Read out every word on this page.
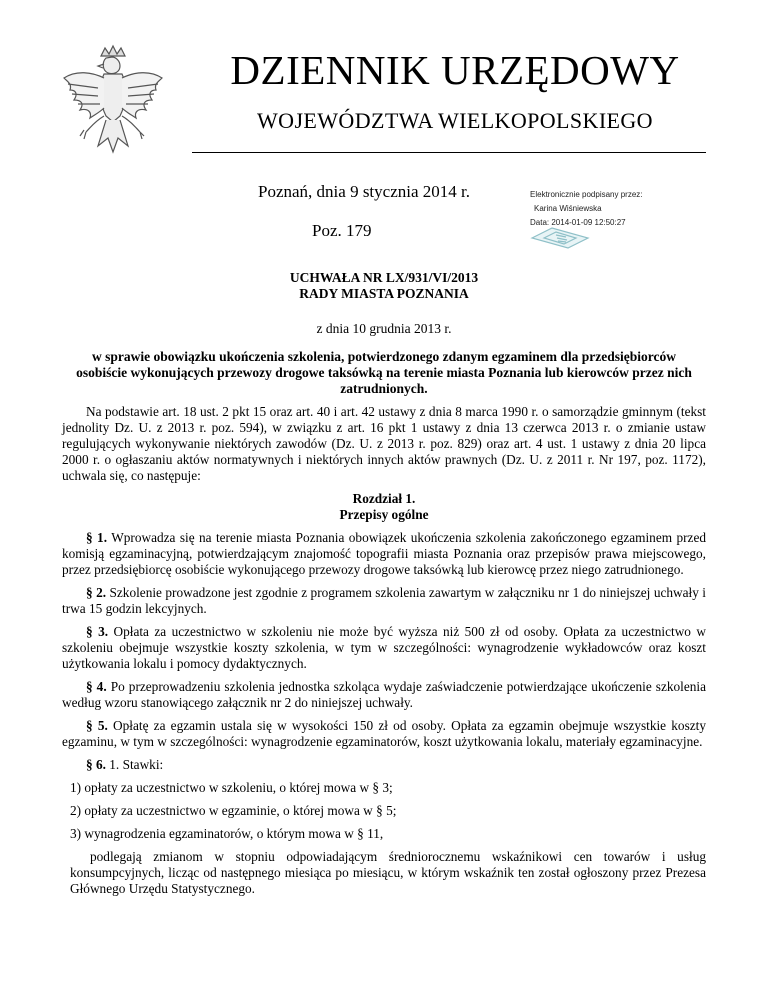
DZIENNIK URZĘDOWY
WOJEWÓDZTWA WIELKOPOLSKIEGO
Poznań, dnia 9 stycznia 2014 r.
Poz. 179
Elektronicznie podpisany przez:
Karina Wiśniewska
Data: 2014-01-09 12:50:27
UCHWAŁA NR LX/931/VI/2013
RADY MIASTA POZNANIA
z dnia 10 grudnia 2013 r.
w sprawie obowiązku ukończenia szkolenia, potwierdzonego zdanym egzaminem dla przedsiębiorców osobiście wykonujących przewozy drogowe taksówką na terenie miasta Poznania lub kierowców przez nich zatrudnionych.

Na podstawie art. 18 ust. 2 pkt 15 oraz art. 40 i art. 42 ustawy z dnia 8 marca 1990 r. o samorządzie gminnym (tekst jednolity Dz. U. z 2013 r. poz. 594), w związku z art. 16 pkt 1 ustawy z dnia 13 czerwca 2013 r. o zmianie ustaw regulujących wykonywanie niektórych zawodów (Dz. U. z 2013 r. poz. 829) oraz art. 4 ust. 1 ustawy z dnia 20 lipca 2000 r. o ogłaszaniu aktów normatywnych i niektórych innych aktów prawnych (Dz. U. z 2011 r. Nr 197, poz. 1172), uchwala się, co następuje:

Rozdział 1.
Przepisy ogólne

§ 1. Wprowadza się na terenie miasta Poznania obowiązek ukończenia szkolenia zakończonego egzaminem przed komisją egzaminacyjną, potwierdzającym znajomość topografii miasta Poznania oraz przepisów prawa miejscowego, przez przedsiębiorcę osobiście wykonującego przewozy drogowe taksówką lub kierowcę przez niego zatrudnionego.

§ 2. Szkolenie prowadzone jest zgodnie z programem szkolenia zawartym w załączniku nr 1 do niniejszej uchwały i trwa 15 godzin lekcyjnych.

§ 3. Opłata za uczestnictwo w szkoleniu nie może być wyższa niż 500 zł od osoby. Opłata za uczestnictwo w szkoleniu obejmuje wszystkie koszty szkolenia, w tym w szczególności: wynagrodzenie wykładowców oraz koszt użytkowania lokalu i pomocy dydaktycznych.

§ 4. Po przeprowadzeniu szkolenia jednostka szkoląca wydaje zaświadczenie potwierdzające ukończenie szkolenia według wzoru stanowiącego załącznik nr 2 do niniejszej uchwały.

§ 5. Opłatę za egzamin ustala się w wysokości 150 zł od osoby. Opłata za egzamin obejmuje wszystkie koszty egzaminu, w tym w szczególności: wynagrodzenie egzaminatorów, koszt użytkowania lokalu, materiały egzaminacyjne.

§ 6. 1. Stawki:

1) opłaty za uczestnictwo w szkoleniu, o której mowa w § 3;
2) opłaty za uczestnictwo w egzaminie, o której mowa w § 5;
3) wynagrodzenia egzaminatorów, o którym mowa w § 11,

podlegają zmianom w stopniu odpowiadającym średniorocznemu wskaźnikowi cen towarów i usług konsumpcyjnych, licząc od następnego miesiąca po miesiącu, w którym wskaźnik ten został ogłoszony przez Prezesa Głównego Urzędu Statystycznego.
